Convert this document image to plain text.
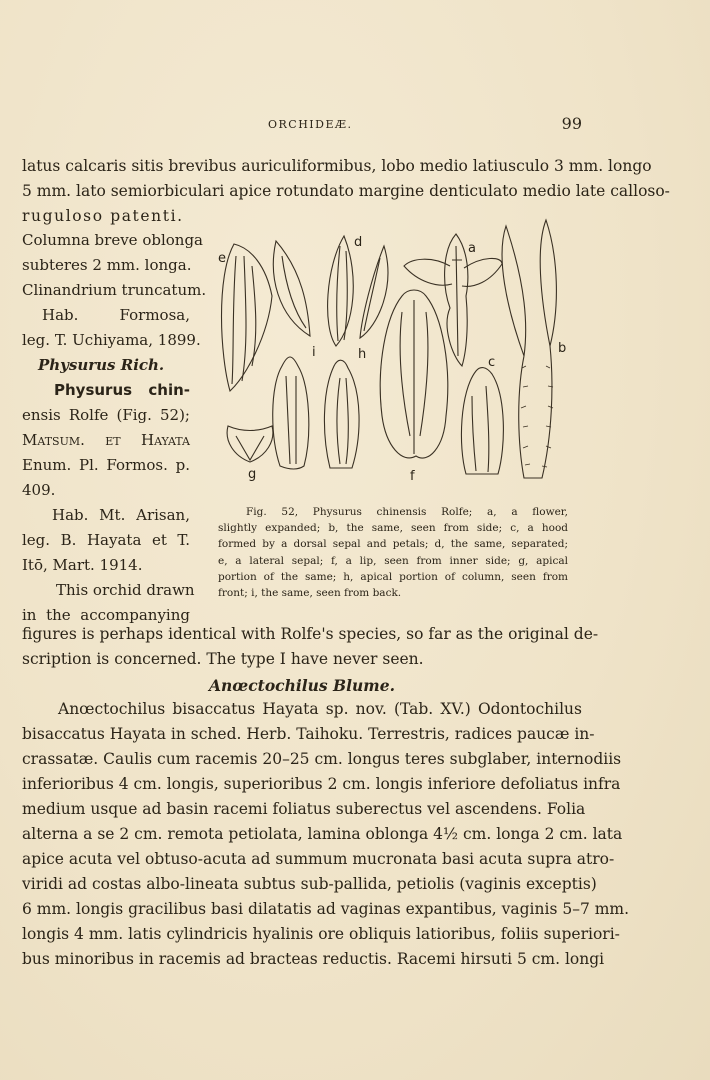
ORCHIDEÆ.	99
latus calcaris sitis brevibus auriculiformibus, lobo medio latiusculo 3 mm. longo
5 mm. lato semiorbiculari apice rotundato margine denticulato medio late calloso-
ruguloso patenti.
Columna breve oblonga
subteres 2 mm. longa.
Clinandrium truncatum.
Hab. Formosa,
leg. T. Uchiyama, 1899.
Physurus Rich.
Physurus chin-
ensis Rolfe (Fig. 52);
Matsum. et Hayata
Enum. Pl. Formos. p.
409.
Hab. Mt. Arisan,
leg. B. Hayata et T.
Itō, Mart. 1914.
This orchid drawn
in the accompanying
e
d	a
b
c
i	h
g	f
Fig. 52, Physurus chinensis Rolfe; a, a flower,
slightly expanded; b, the same, seen from side; c, a hood
formed by a dorsal sepal and petals; d, the same, separated;
e, a lateral sepal; f, a lip, seen from inner side; g, apical
portion of the same; h, apical portion of column, seen from
front; i, the same, seen from back.
figures is perhaps identical with Rolfe's species, so far as the original de-
scription is concerned. The type I have never seen.
Anœctochilus Blume.
Anœctochilus bisaccatus Hayata sp. nov. (Tab. XV.) Odontochilus
bisaccatus Hayata in sched. Herb. Taihoku. Terrestris, radices paucæ in-
crassatæ. Caulis cum racemis 20–25 cm. longus teres subglaber, internodiis
inferioribus 4 cm. longis, superioribus 2 cm. longis inferiore defoliatus infra
medium usque ad basin racemi foliatus suberectus vel ascendens. Folia
alterna a se 2 cm. remota petiolata, lamina oblonga 4½ cm. longa 2 cm. lata
apice acuta vel obtuso-acuta ad summum mucronata basi acuta supra atro-
viridi ad costas albo-lineata subtus sub-pallida, petiolis (vaginis exceptis)
6 mm. longis gracilibus basi dilatatis ad vaginas expantibus, vaginis 5–7 mm.
longis 4 mm. latis cylindricis hyalinis ore obliquis latioribus, foliis superiori-
bus minoribus in racemis ad bracteas reductis. Racemi hirsuti 5 cm. longi
